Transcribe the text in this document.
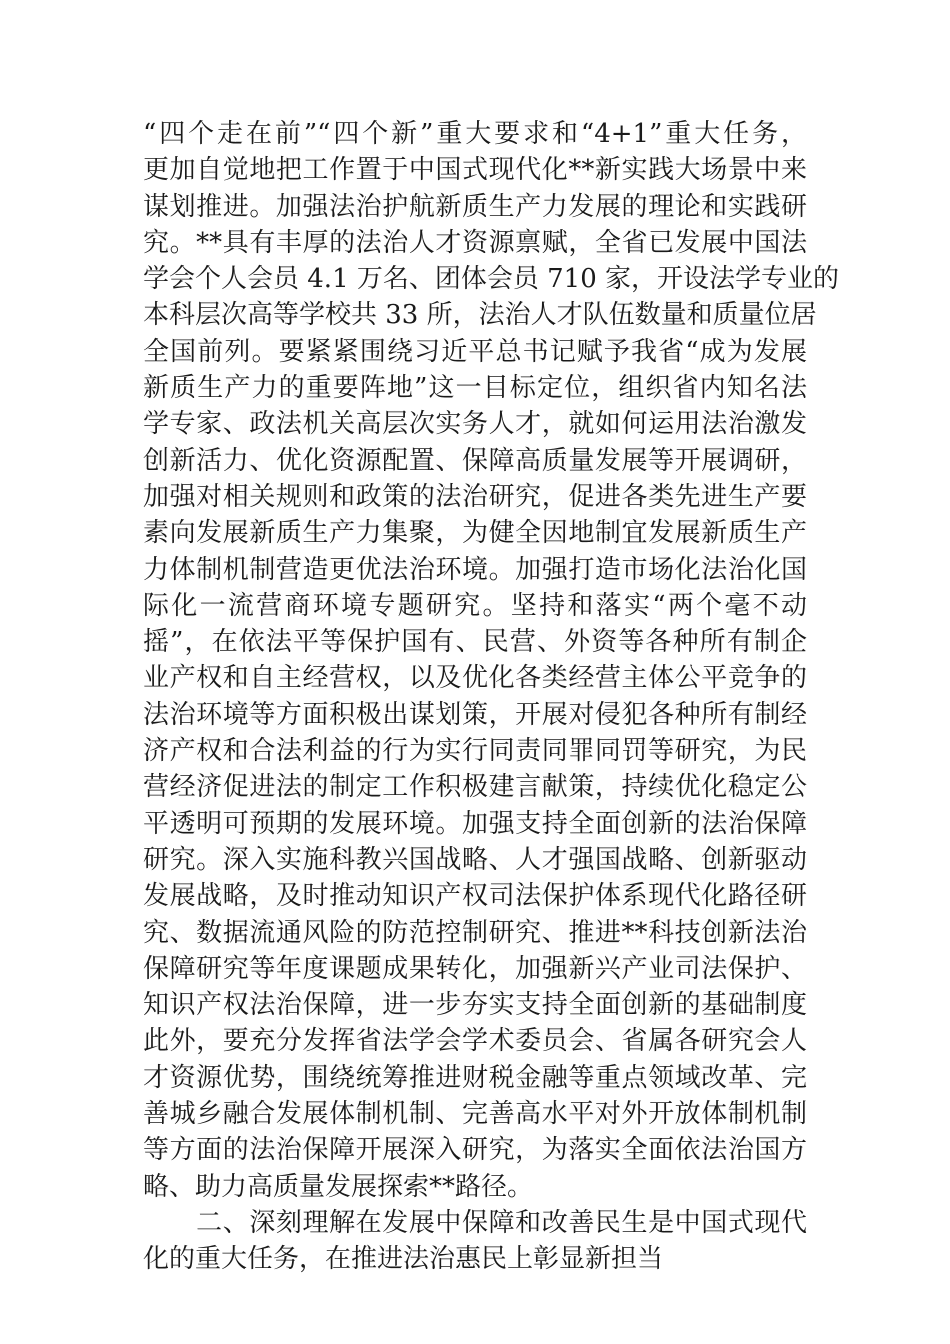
“四个走在前”“四个新”重大要求和“4+1”重大任务，
更加自觉地把工作置于中国式现代化**新实践大场景中来
谋划推进。加强法治护航新质生产力发展的理论和实践研
究。**具有丰厚的法治人才资源禀赋，全省已发展中国法
学会个人会员 4.1 万名、团体会员 710 家，开设法学专业的
本科层次高等学校共 33 所，法治人才队伍数量和质量位居
全国前列。要紧紧围绕习近平总书记赋予我省“成为发展
新质生产力的重要阵地”这一目标定位，组织省内知名法
学专家、政法机关高层次实务人才，就如何运用法治激发
创新活力、优化资源配置、保障高质量发展等开展调研，
加强对相关规则和政策的法治研究，促进各类先进生产要
素向发展新质生产力集聚，为健全因地制宜发展新质生产
力体制机制营造更优法治环境。加强打造市场化法治化国
际化一流营商环境专题研究。坚持和落实“两个毫不动
摇”，在依法平等保护国有、民营、外资等各种所有制企
业产权和自主经营权，以及优化各类经营主体公平竞争的
法治环境等方面积极出谋划策，开展对侵犯各种所有制经
济产权和合法利益的行为实行同责同罪同罚等研究，为民
营经济促进法的制定工作积极建言献策，持续优化稳定公
平透明可预期的发展环境。加强支持全面创新的法治保障
研究。深入实施科教兴国战略、人才强国战略、创新驱动
发展战略，及时推动知识产权司法保护体系现代化路径研
究、数据流通风险的防范控制研究、推进**科技创新法治
保障研究等年度课题成果转化，加强新兴产业司法保护、
知识产权法治保障，进一步夯实支持全面创新的基础制度
此外，要充分发挥省法学会学术委员会、省属各研究会人
才资源优势，围绕统筹推进财税金融等重点领域改革、完
善城乡融合发展体制机制、完善高水平对外开放体制机制
等方面的法治保障开展深入研究，为落实全面依法治国方
略、助力高质量发展探索**路径。
　　二、深刻理解在发展中保障和改善民生是中国式现代
化的重大任务，在推进法治惠民上彰显新担当
